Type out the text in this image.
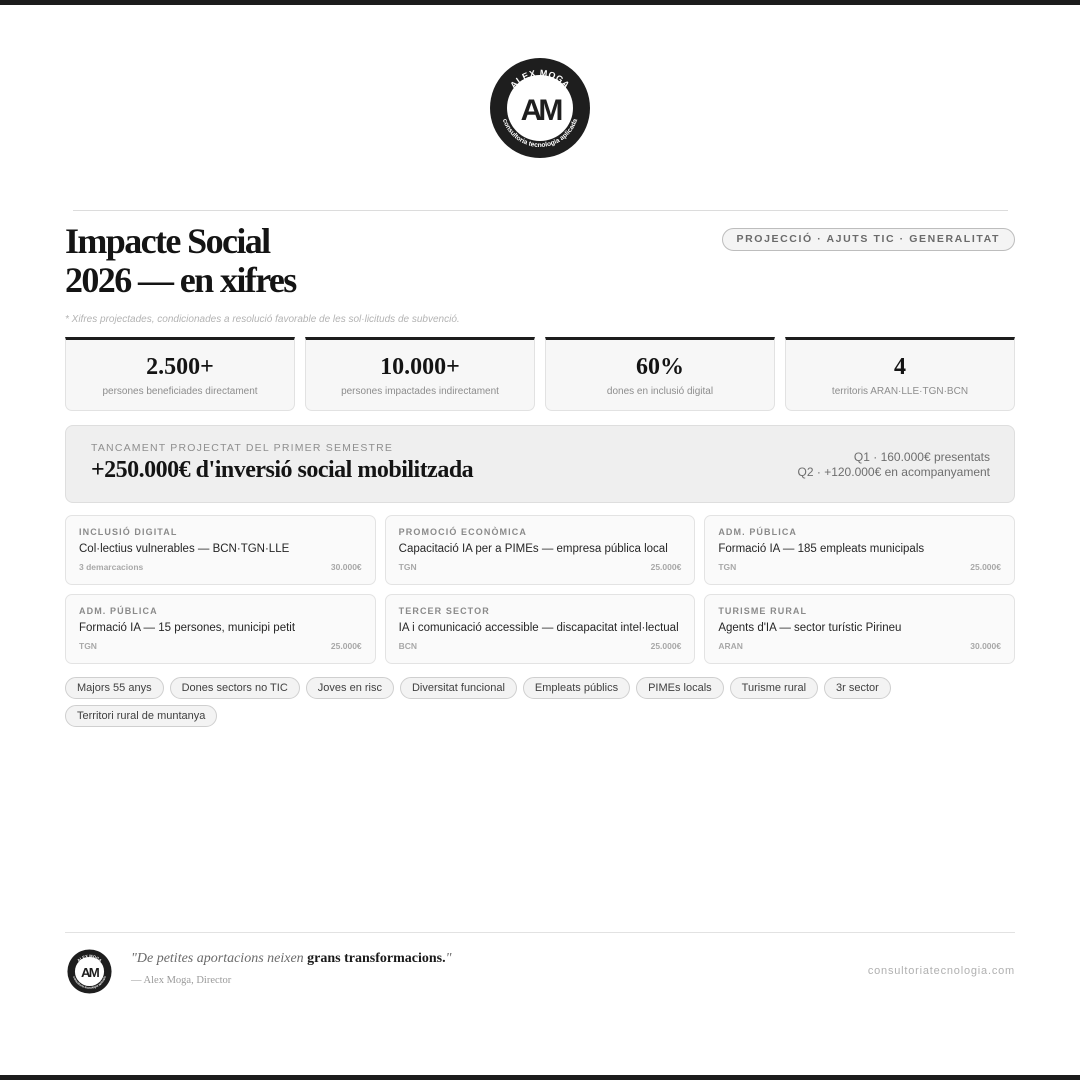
ALEX MOGA
consultoria tecnologia aplicada
AM
Impacte Social
2026 — en xifres
PROJECCIÓ · AJUTS TIC · GENERALITAT
* Xifres projectades, condicionades a resolució favorable de les sol·licituds de subvenció.
2.500+
persones beneficiades directament
10.000+
persones impactades indirectament
60%
dones en inclusió digital
4
territoris ARAN·LLE·TGN·BCN
TANCAMENT PROJECTAT DEL PRIMER SEMESTRE
+250.000€ d'inversió social mobilitzada	Q1 · 160.000€ presentats
Q2 · +120.000€ en acompanyament
INCLUSIÓ DIGITAL
Col·lectius vulnerables — BCN·TGN·LLE
3 demarcacions	30.000€
PROMOCIÓ ECONÒMICA
Capacitació IA per a PIMEs — empresa pública local
TGN	25.000€
ADM. PÚBLICA
Formació IA — 185 empleats municipals
TGN	25.000€
ADM. PÚBLICA
Formació IA — 15 persones, municipi petit
TGN	25.000€
TERCER SECTOR
IA i comunicació accessible — discapacitat intel·lectual
BCN	25.000€
TURISME RURAL
Agents d'IA — sector turístic Pirineu
ARAN	30.000€
Majors 55 anys	Dones sectors no TIC	Joves en risc	Diversitat funcional	Empleats públics	PIMEs locals	Turisme rural	3r sector
Territori rural de muntanya
ALEX MOGA
consultoria tecnologia aplicada
AM
"De petites aportacions neixen grans transformacions."
— Alex Moga, Director
consultoriatecnologia.com
